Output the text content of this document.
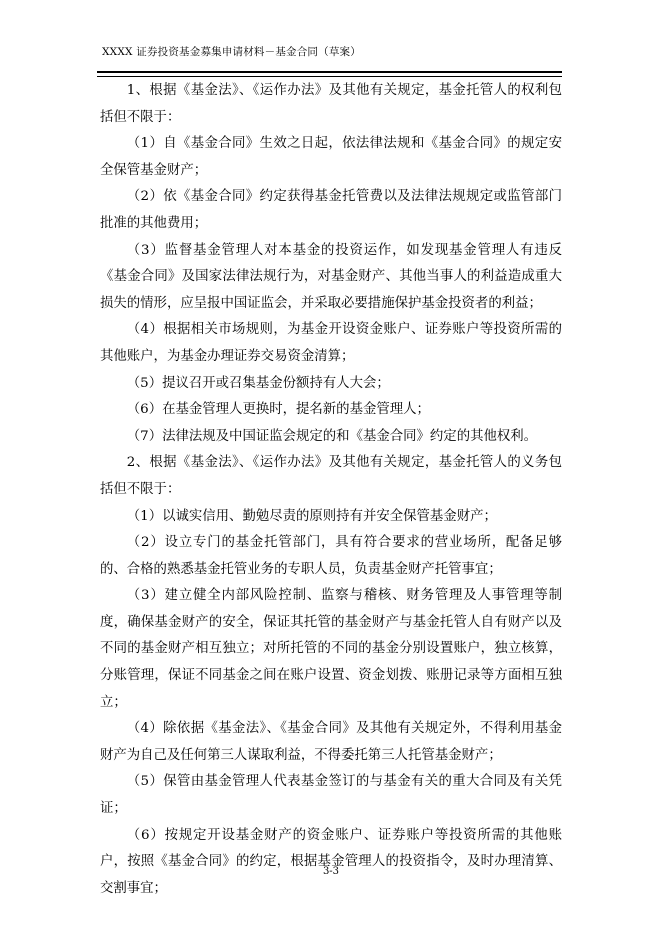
XXXX 证券投资基金募集申请材料－基金合同（草案）

1、根据《基金法》、《运作办法》及其他有关规定，基金托管人的权利包括但不限于：

（1）自《基金合同》生效之日起，依法律法规和《基金合同》的规定安全保管基金财产；

（2）依《基金合同》约定获得基金托管费以及法律法规规定或监管部门批准的其他费用；

（3）监督基金管理人对本基金的投资运作，如发现基金管理人有违反《基金合同》及国家法律法规行为，对基金财产、其他当事人的利益造成重大损失的情形，应呈报中国证监会，并采取必要措施保护基金投资者的利益；

（4）根据相关市场规则，为基金开设资金账户、证券账户等投资所需的其他账户，为基金办理证券交易资金清算；

（5）提议召开或召集基金份额持有人大会；

（6）在基金管理人更换时，提名新的基金管理人；

（7）法律法规及中国证监会规定的和《基金合同》约定的其他权利。

2、根据《基金法》、《运作办法》及其他有关规定，基金托管人的义务包括但不限于：

（1）以诚实信用、勤勉尽责的原则持有并安全保管基金财产；

（2）设立专门的基金托管部门，具有符合要求的营业场所，配备足够的、合格的熟悉基金托管业务的专职人员，负责基金财产托管事宜；

（3）建立健全内部风险控制、监察与稽核、财务管理及人事管理等制度，确保基金财产的安全，保证其托管的基金财产与基金托管人自有财产以及不同的基金财产相互独立；对所托管的不同的基金分别设置账户，独立核算，分账管理，保证不同基金之间在账户设置、资金划拨、账册记录等方面相互独立；

（4）除依据《基金法》、《基金合同》及其他有关规定外，不得利用基金财产为自己及任何第三人谋取利益，不得委托第三人托管基金财产；

（5）保管由基金管理人代表基金签订的与基金有关的重大合同及有关凭证；

（6）按规定开设基金财产的资金账户、证券账户等投资所需的其他账户，按照《基金合同》的约定，根据基金管理人的投资指令，及时办理清算、交割事宜；

3-3
